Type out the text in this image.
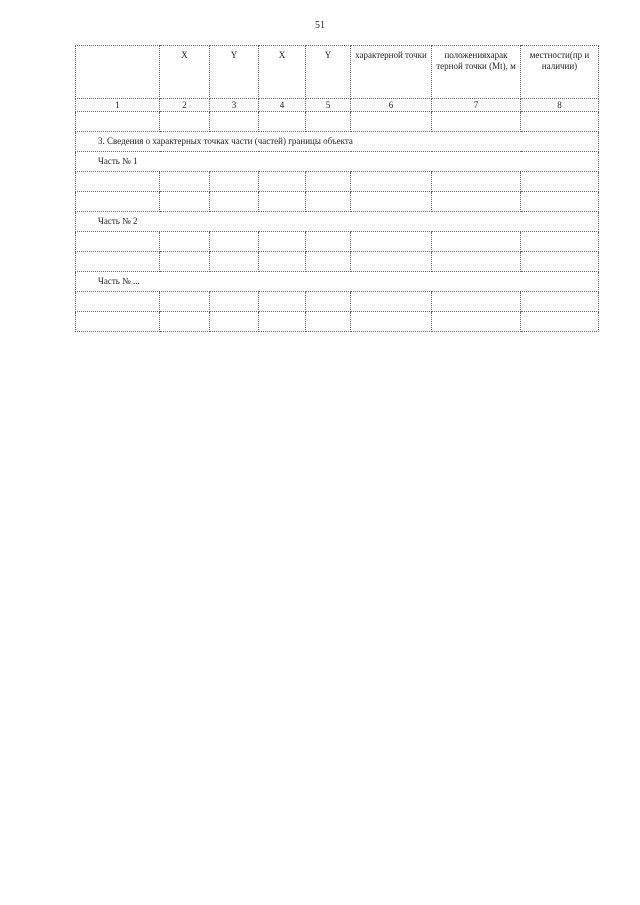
51
	X	Y	X	Y	характерной точки	положенияхарак терной точки (Mt), м	местности(пр и наличии)
1	2	3	4	5	6	7	8

3. Сведения о характерных точках части (частей) границы объекта							
Часть № 1							

Часть № 2							

Часть № ...							
